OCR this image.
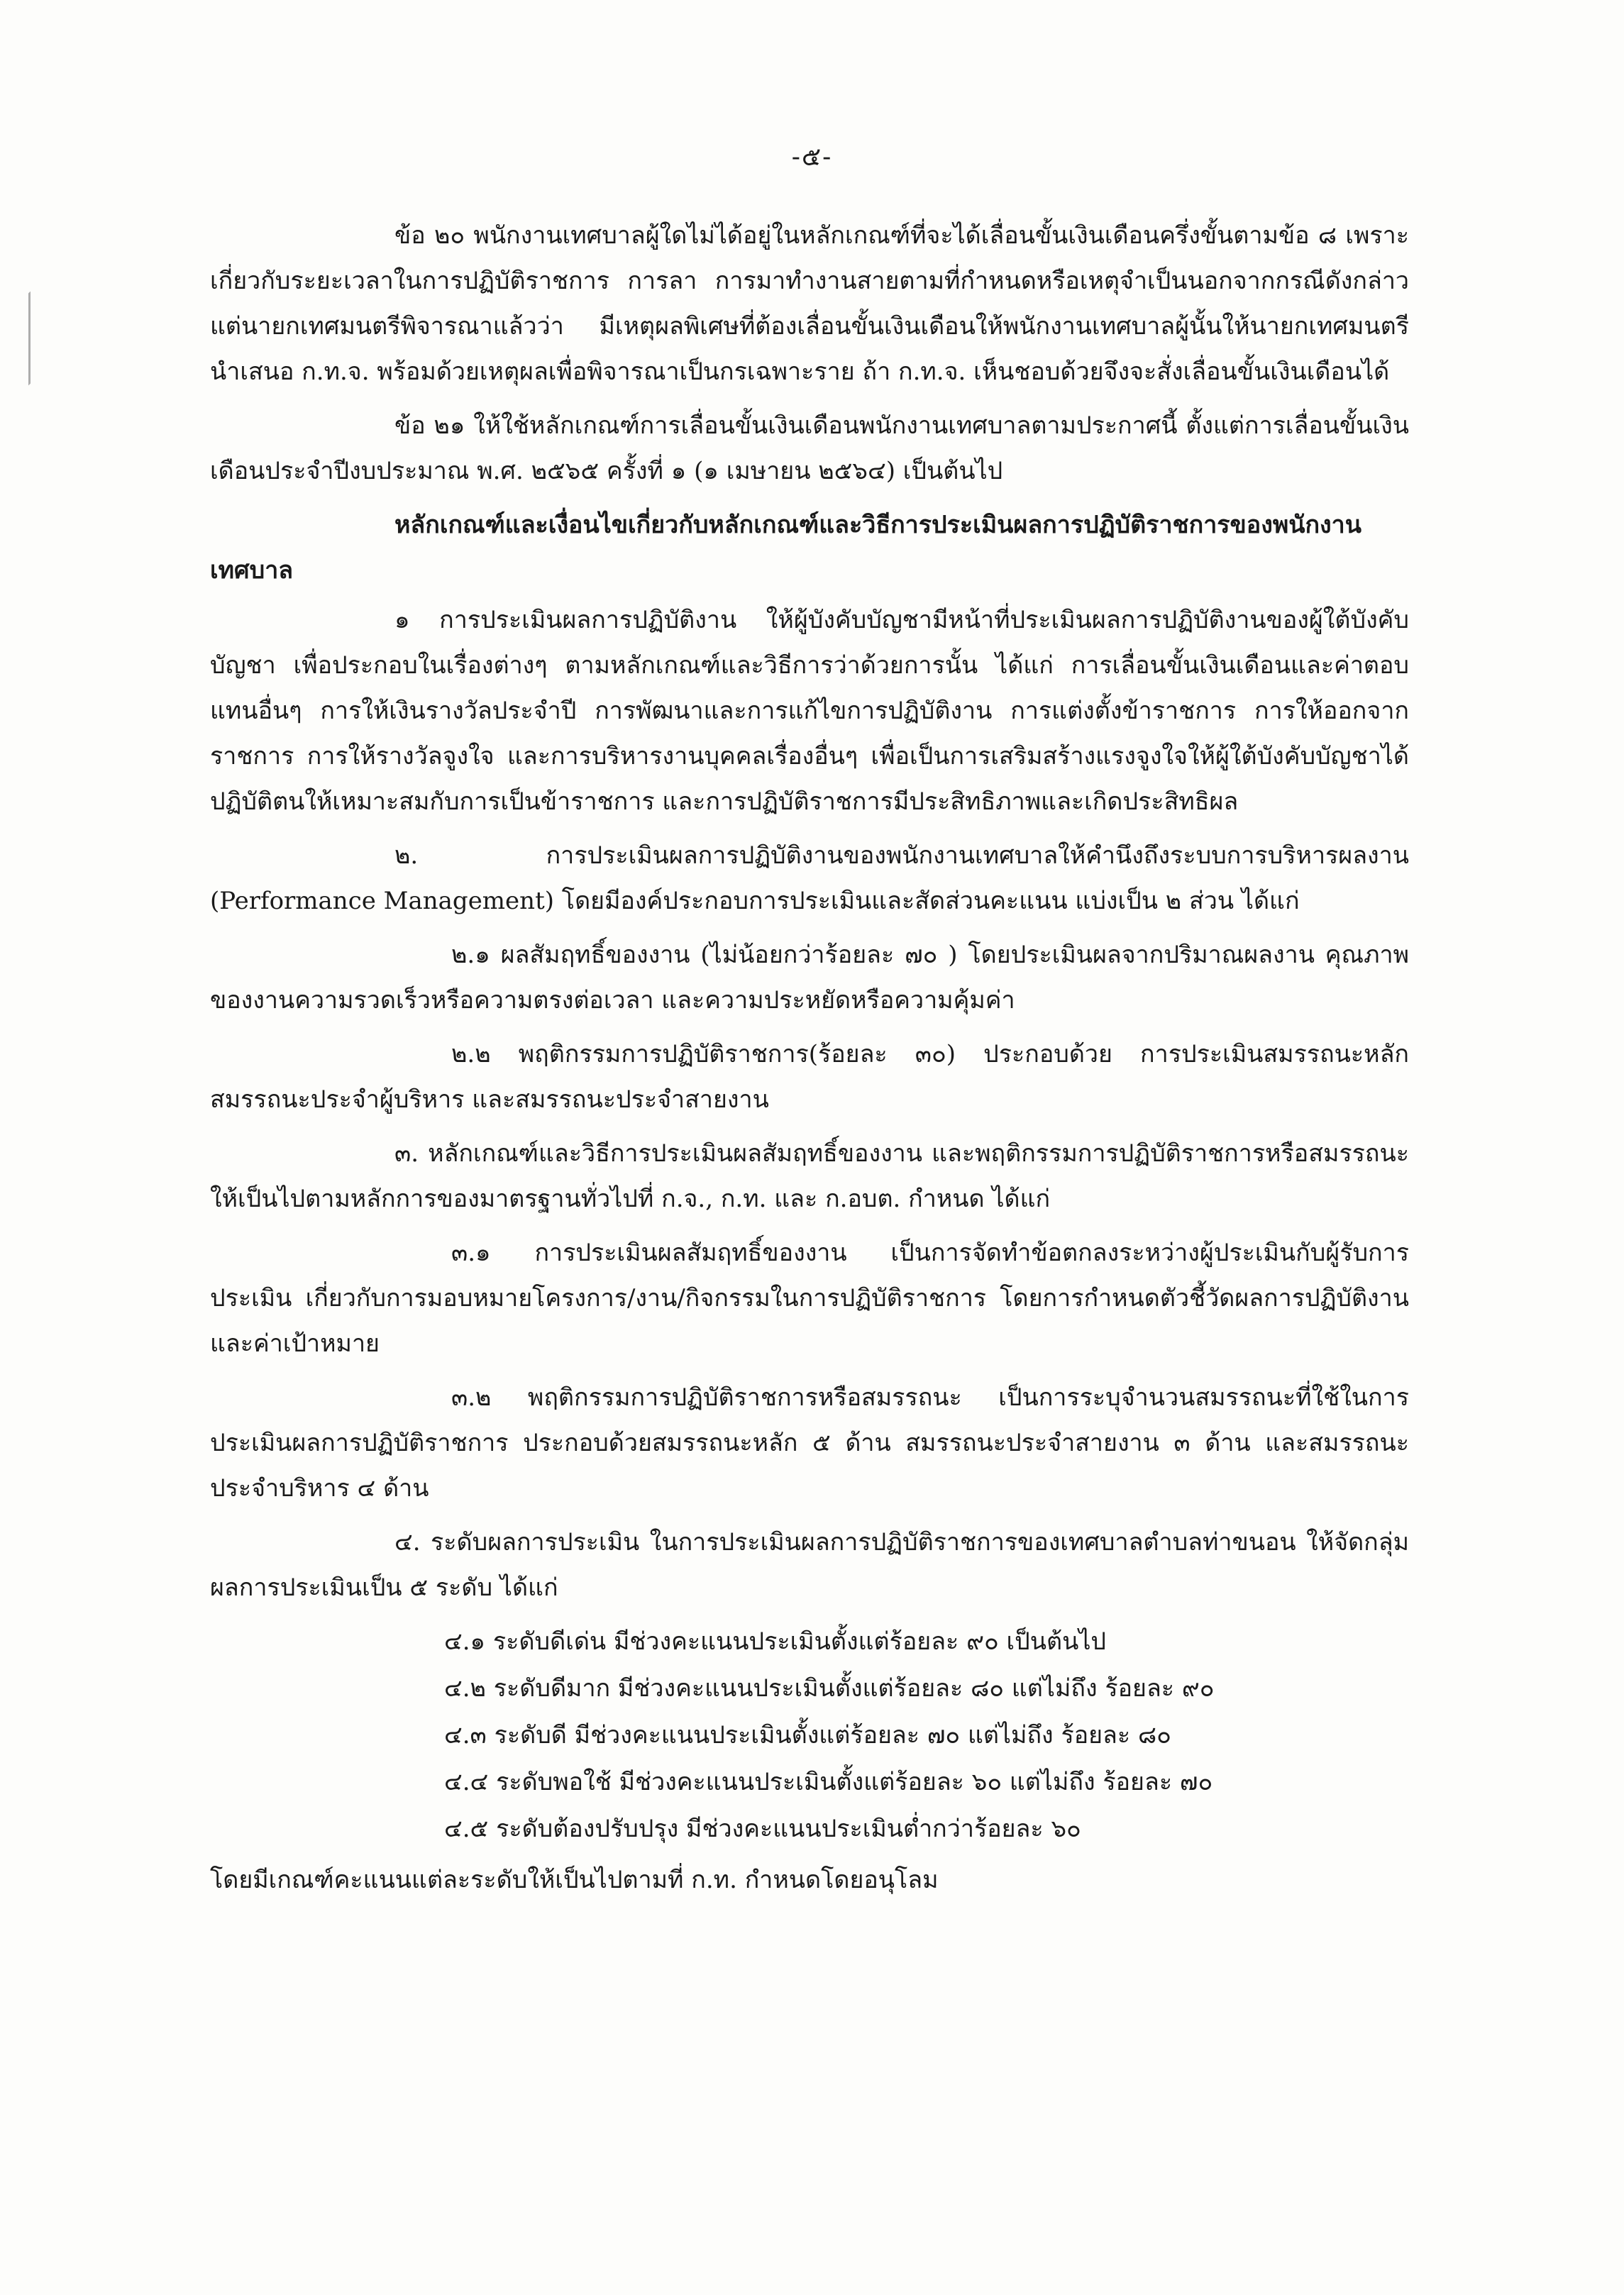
-๕-

ข้อ ๒๐ พนักงานเทศบาลผู้ใดไม่ได้อยู่ในหลักเกณฑ์ที่จะได้เลื่อนขั้นเงินเดือนครึ่งขั้นตามข้อ ๘ เพราะเกี่ยวกับระยะเวลาในการปฏิบัติราชการ การลา การมาทำงานสายตามที่กำหนดหรือเหตุจำเป็นนอกจากกรณีดังกล่าว แต่นายกเทศมนตรีพิจารณาแล้วว่า มีเหตุผลพิเศษที่ต้องเลื่อนขั้นเงินเดือนให้พนักงานเทศบาลผู้นั้นให้นายกเทศมนตรีนำเสนอ ก.ท.จ. พร้อมด้วยเหตุผลเพื่อพิจารณาเป็นกรเฉพาะราย ถ้า ก.ท.จ. เห็นชอบด้วยจึงจะสั่งเลื่อนขั้นเงินเดือนได้

ข้อ ๒๑ ให้ใช้หลักเกณฑ์การเลื่อนขั้นเงินเดือนพนักงานเทศบาลตามประกาศนี้ ตั้งแต่การเลื่อนขั้นเงินเดือนประจำปีงบประมาณ พ.ศ. ๒๕๖๕ ครั้งที่ ๑ (๑ เมษายน ๒๕๖๔) เป็นต้นไป

หลักเกณฑ์และเงื่อนไขเกี่ยวกับหลักเกณฑ์และวิธีการประเมินผลการปฏิบัติราชการของพนักงานเทศบาล

๑ การประเมินผลการปฏิบัติงาน ให้ผู้บังคับบัญชามีหน้าที่ประเมินผลการปฏิบัติงานของผู้ใต้บังคับบัญชา เพื่อประกอบในเรื่องต่างๆ ตามหลักเกณฑ์และวิธีการว่าด้วยการนั้น ได้แก่ การเลื่อนขั้นเงินเดือนและค่าตอบแทนอื่นๆ การให้เงินรางวัลประจำปี การพัฒนาและการแก้ไขการปฏิบัติงาน การแต่งตั้งข้าราชการ การให้ออกจากราชการ การให้รางวัลจูงใจ และการบริหารงานบุคคลเรื่องอื่นๆ เพื่อเป็นการเสริมสร้างแรงจูงใจให้ผู้ใต้บังคับบัญชาได้ปฏิบัติตนให้เหมาะสมกับการเป็นข้าราชการ และการปฏิบัติราชการมีประสิทธิภาพและเกิดประสิทธิผล

๒. การประเมินผลการปฏิบัติงานของพนักงานเทศบาลให้คำนึงถึงระบบการบริหารผลงาน (Performance Management) โดยมีองค์ประกอบการประเมินและสัดส่วนคะแนน แบ่งเป็น ๒ ส่วน ได้แก่

๒.๑ ผลสัมฤทธิ์ของงาน (ไม่น้อยกว่าร้อยละ ๗๐ ) โดยประเมินผลจากปริมาณผลงาน คุณภาพของงานความรวดเร็วหรือความตรงต่อเวลา และความประหยัดหรือความคุ้มค่า

๒.๒ พฤติกรรมการปฏิบัติราชการ(ร้อยละ ๓๐) ประกอบด้วย การประเมินสมรรถนะหลัก สมรรถนะประจำผู้บริหาร และสมรรถนะประจำสายงาน

๓. หลักเกณฑ์และวิธีการประเมินผลสัมฤทธิ์ของงาน และพฤติกรรมการปฏิบัติราชการหรือสมรรถนะ ให้เป็นไปตามหลักการของมาตรฐานทั่วไปที่ ก.จ., ก.ท. และ ก.อบต. กำหนด ได้แก่

๓.๑ การประเมินผลสัมฤทธิ์ของงาน เป็นการจัดทำข้อตกลงระหว่างผู้ประเมินกับผู้รับการประเมิน เกี่ยวกับการมอบหมายโครงการ/งาน/กิจกรรมในการปฏิบัติราชการ โดยการกำหนดตัวชี้วัดผลการปฏิบัติงาน และค่าเป้าหมาย

๓.๒ พฤติกรรมการปฏิบัติราชการหรือสมรรถนะ เป็นการระบุจำนวนสมรรถนะที่ใช้ในการประเมินผลการปฏิบัติราชการ ประกอบด้วยสมรรถนะหลัก ๕ ด้าน สมรรถนะประจำสายงาน ๓ ด้าน และสมรรถนะประจำบริหาร ๔ ด้าน

๔. ระดับผลการประเมิน ในการประเมินผลการปฏิบัติราชการของเทศบาลตำบลท่าขนอน ให้จัดกลุ่มผลการประเมินเป็น ๕ ระดับ ได้แก่

๔.๑ ระดับดีเด่น มีช่วงคะแนนประเมินตั้งแต่ร้อยละ ๙๐ เป็นต้นไป

๔.๒ ระดับดีมาก มีช่วงคะแนนประเมินตั้งแต่ร้อยละ ๘๐ แต่ไม่ถึง ร้อยละ ๙๐

๔.๓ ระดับดี มีช่วงคะแนนประเมินตั้งแต่ร้อยละ ๗๐ แต่ไม่ถึง ร้อยละ ๘๐

๔.๔ ระดับพอใช้ มีช่วงคะแนนประเมินตั้งแต่ร้อยละ ๖๐ แต่ไม่ถึง ร้อยละ ๗๐

๔.๕ ระดับต้องปรับปรุง มีช่วงคะแนนประเมินต่ำกว่าร้อยละ ๖๐

โดยมีเกณฑ์คะแนนแต่ละระดับให้เป็นไปตามที่ ก.ท. กำหนดโดยอนุโลม
